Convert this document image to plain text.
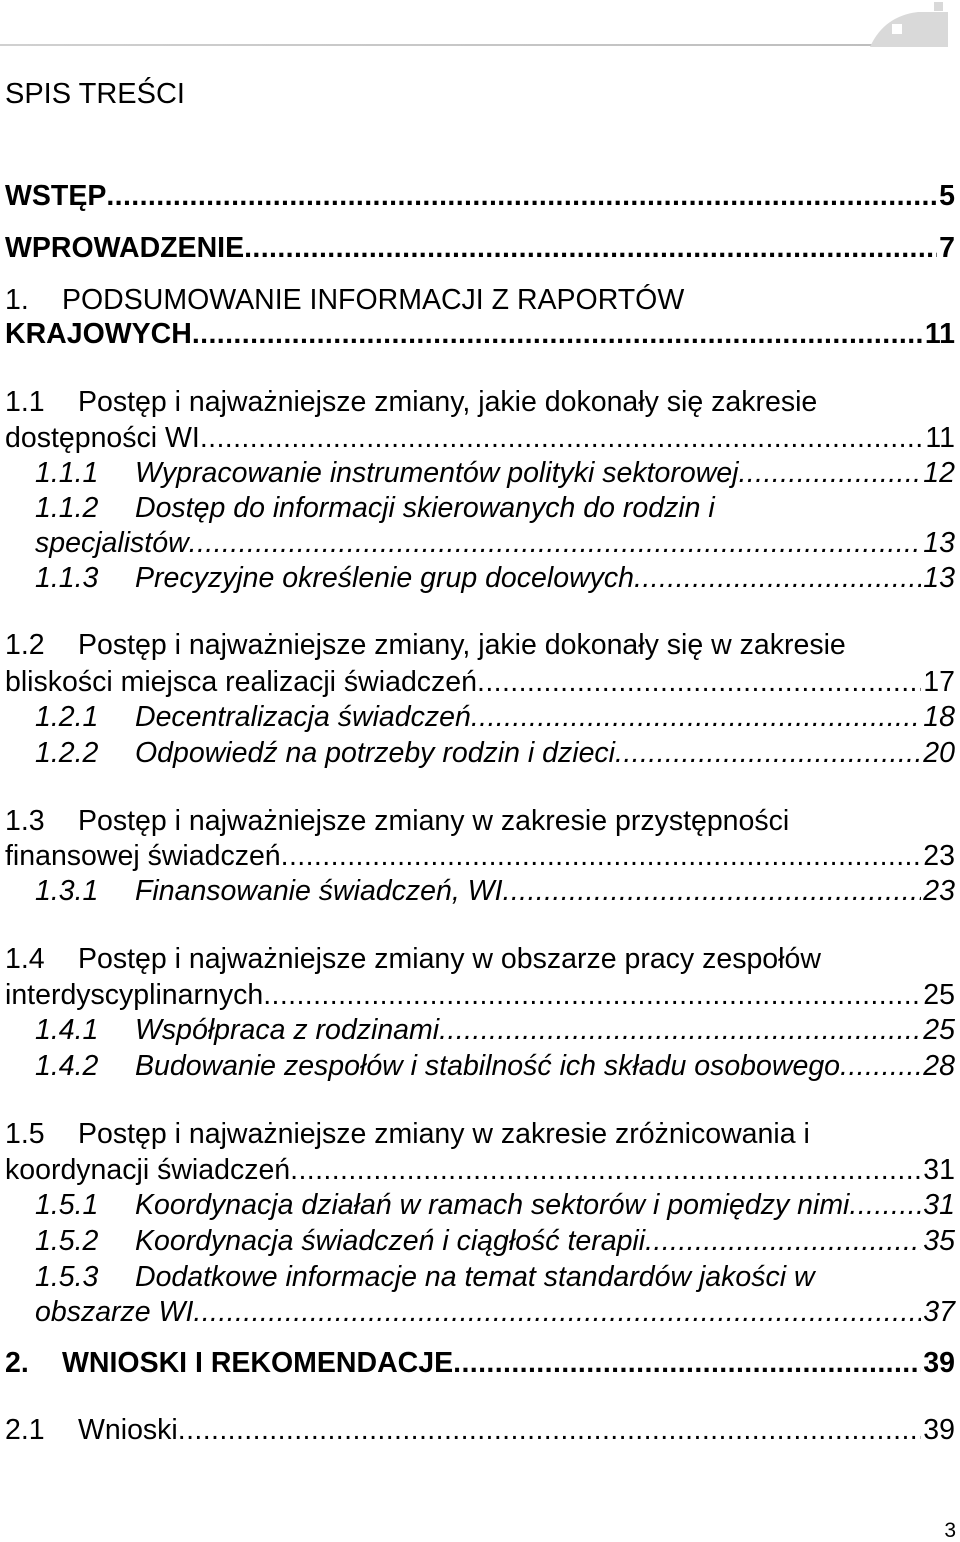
SPIS TREŚCI
WSTĘP .....	5
WPROWADZENIE .....	7
1.	PODSUMOWANIE INFORMACJI Z RAPORTÓW
KRAJOWYCH .....	11
1.1	Postęp i najważniejsze zmiany, jakie dokonały się zakresie
dostępności WI .....	11
1.1.1	Wypracowanie instrumentów polityki sektorowej .....	12
1.1.2	Dostęp do informacji skierowanych do rodzin i
specjalistów .....	13
1.1.3	Precyzyjne określenie grup docelowych .....	13
1.2	Postęp i najważniejsze zmiany, jakie dokonały się w zakresie
bliskości miejsca realizacji świadczeń .....	17
1.2.1	Decentralizacja świadczeń .....	18
1.2.2	Odpowiedź na potrzeby rodzin i dzieci .....	20
1.3	Postęp i najważniejsze zmiany w zakresie przystępności
finansowej świadczeń .....	23
1.3.1	Finansowanie świadczeń, WI .....	23
1.4	Postęp i najważniejsze zmiany w obszarze pracy zespołów
interdyscyplinarnych .....	25
1.4.1	Współpraca z rodzinami .....	25
1.4.2	Budowanie zespołów i stabilność ich składu osobowego .....	28
1.5	Postęp i najważniejsze zmiany w zakresie zróżnicowania i
koordynacji świadczeń .....	31
1.5.1	Koordynacja działań w ramach sektorów i pomiędzy nimi .....	31
1.5.2	Koordynacja świadczeń i ciągłość terapii .....	35
1.5.3	Dodatkowe informacje na temat standardów jakości w
obszarze WI .....	37
2.	WNIOSKI I REKOMENDACJE .....	39
2.1	Wnioski .....	39
3
